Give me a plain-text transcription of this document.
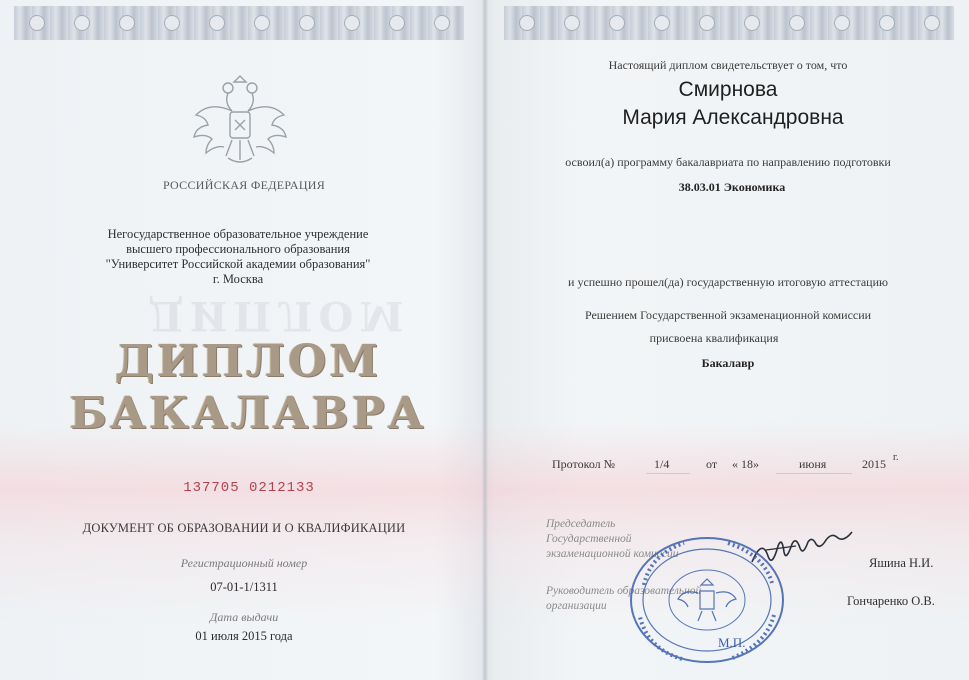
РОССИЙСКАЯ ФЕДЕРАЦИЯ
Негосударственное образовательное учреждение
высшего профессионального образования
"Университет Российской академии образования"
г. Москва
ДИПЛОМ
ДИПЛОМ
БАКАЛАВРА
137705 0212133
ДОКУМЕНТ ОБ ОБРАЗОВАНИИ И О КВАЛИФИКАЦИИ
Регистрационный номер
07-01-1/1311
Дата выдачи
01 июля 2015 года
Настоящий диплом свидетельствует о том, что
Смирнова
Мария Александровна
освоил(а) программу бакалавриата по направлению подготовки
38.03.01 Экономика
и успешно прошел(да) государственную итоговую аттестацию
Решением Государственной экзаменационной комиссии
присвоена квалификация
Бакалавр
Протокол №	1/4	от « 18»	июня	2015 г.
Председатель
Государственной
экзаменационной комиссии
Яшина Н.И.
Руководитель образовательной
организации	Гончаренко О.В.
М.П.
